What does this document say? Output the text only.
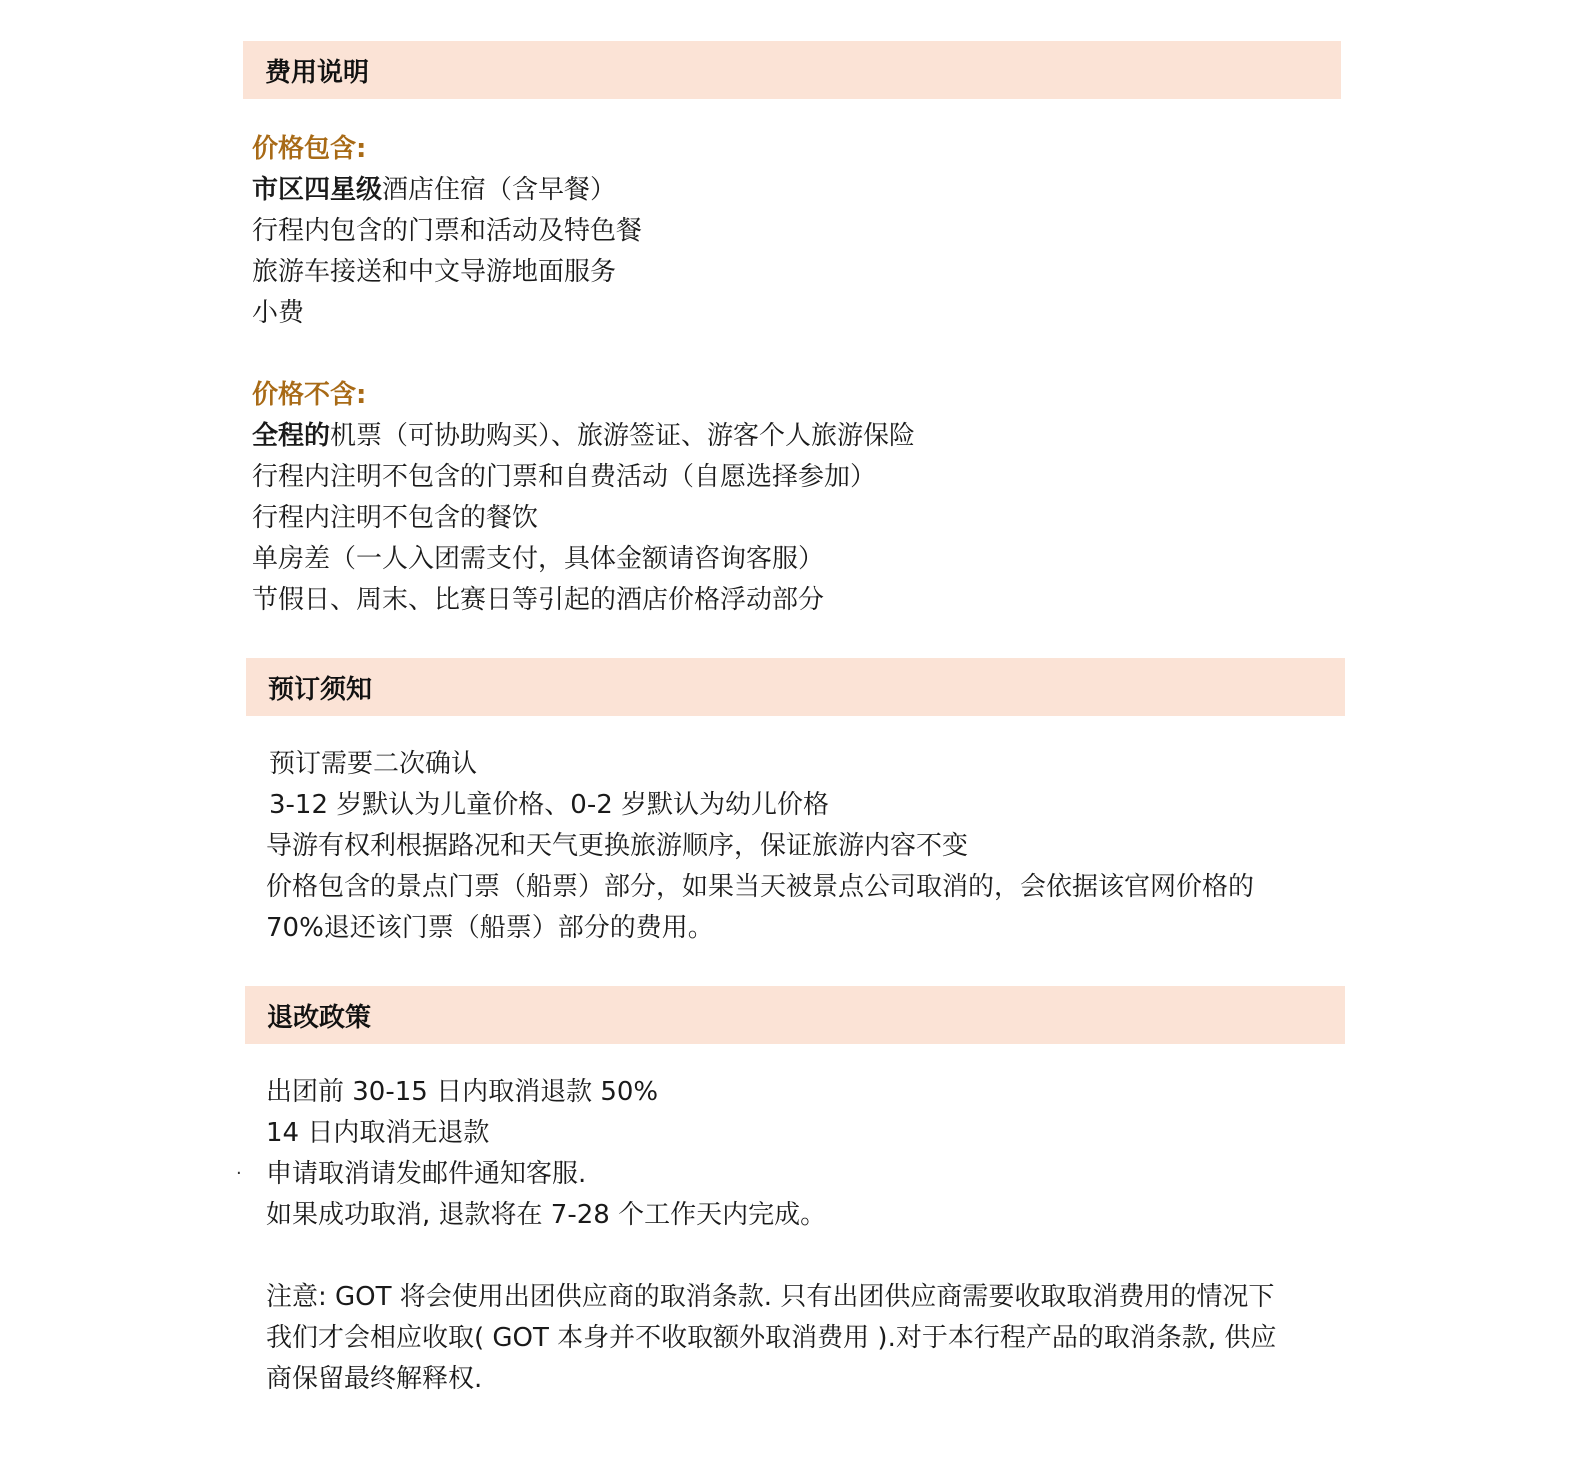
费用说明
价格包含:
市区四星级酒店住宿（含早餐）
行程内包含的门票和活动及特色餐
旅游车接送和中文导游地面服务
小费
价格不含:
全程的机票（可协助购买）、旅游签证、游客个人旅游保险
行程内注明不包含的门票和自费活动（自愿选择参加）
行程内注明不包含的餐饮
单房差（一人入团需支付，具体金额请咨询客服）
节假日、周末、比赛日等引起的酒店价格浮动部分
预订须知
预订需要二次确认
3-12 岁默认为儿童价格、0-2 岁默认为幼儿价格
导游有权利根据路况和天气更换旅游顺序，保证旅游内容不变
价格包含的景点门票（船票）部分，如果当天被景点公司取消的，会依据该官网价格的
70%退还该门票（船票）部分的费用。
退改政策
·
出团前 30-15 日内取消退款 50%
14 日内取消无退款
申请取消请发邮件通知客服.
如果成功取消, 退款将在 7-28 个工作天内完成。
注意: GOT 将会使用出团供应商的取消条款. 只有出团供应商需要收取取消费用的情况下
我们才会相应收取( GOT 本身并不收取额外取消费用 ).对于本行程产品的取消条款, 供应
商保留最终解释权.
